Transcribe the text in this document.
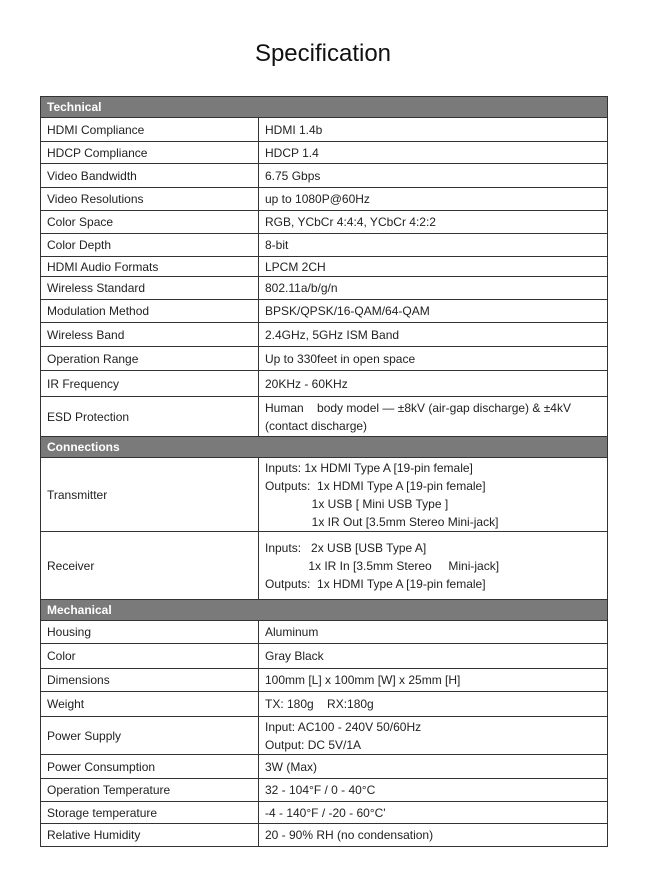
Specification
Technical	
HDMI Compliance	HDMI 1.4b

HDCP Compliance	HDCP 1.4

Video Bandwidth	6.75 Gbps

Video Resolutions	up to 1080P@60Hz

Color Space	RGB, YCbCr 4:4:4, YCbCr 4:2:2

Color Depth	8-bit

HDMI Audio Formats	LPCM 2CH

Wireless Standard	802.11a/b/g/n

Modulation Method	BPSK/QPSK/16-QAM/64-QAM

Wireless Band	2.4GHz, 5GHz ISM Band

Operation Range	Up to 330feet in open space

IR Frequency	20KHz - 60KHz

ESD Protection	Human    body model — ±8kV (air-gap discharge) & ±4kV
(contact discharge)

Connections	
Transmitter	Inputs: 1x HDMI Type A [19-pin female]
Outputs:  1x HDMI Type A [19-pin female]
1x USB [ Mini USB Type ]
1x IR Out [3.5mm Stereo Mini-jack]

Receiver	Inputs:   2x USB [USB Type A]
1x IR In [3.5mm Stereo     Mini-jack]
Outputs:  1x HDMI Type A [19-pin female]

Mechanical	
Housing	Aluminum

Color	Gray Black

Dimensions	100mm [L] x 100mm [W] x 25mm [H]

Weight	TX: 180g    RX:180g

Power Supply	Input: AC100 - 240V 50/60Hz
Output: DC 5V/1A

Power Consumption	3W (Max)

Operation Temperature	32 - 104°F / 0 - 40°C

Storage temperature	-4 - 140°F / -20 - 60°C'

Relative Humidity	20 - 90% RH (no condensation)
